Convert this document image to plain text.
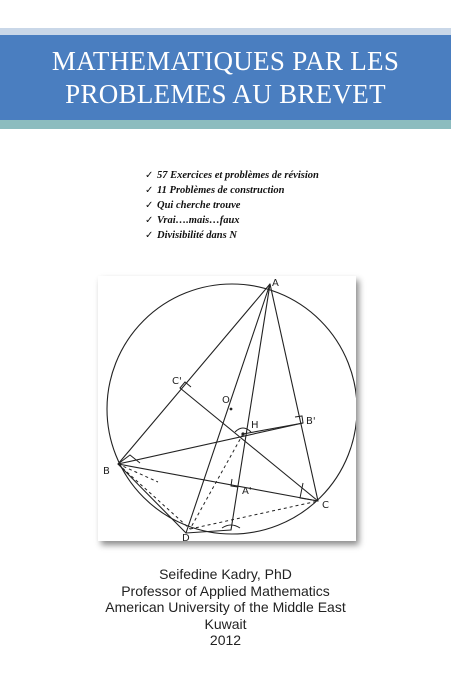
MATHEMATIQUES PAR LES
PROBLEMES AU BREVET
✓ 57 Exercices et problèmes de révision
✓ 11 Problèmes de construction
✓ Qui cherche trouve
✓ Vrai….mais…faux
✓ Divisibilité dans N
A
B
C
D
H
O
A'
B'
C'
Seifedine Kadry, PhD
Professor of Applied Mathematics
American University of the Middle East
Kuwait
2012
